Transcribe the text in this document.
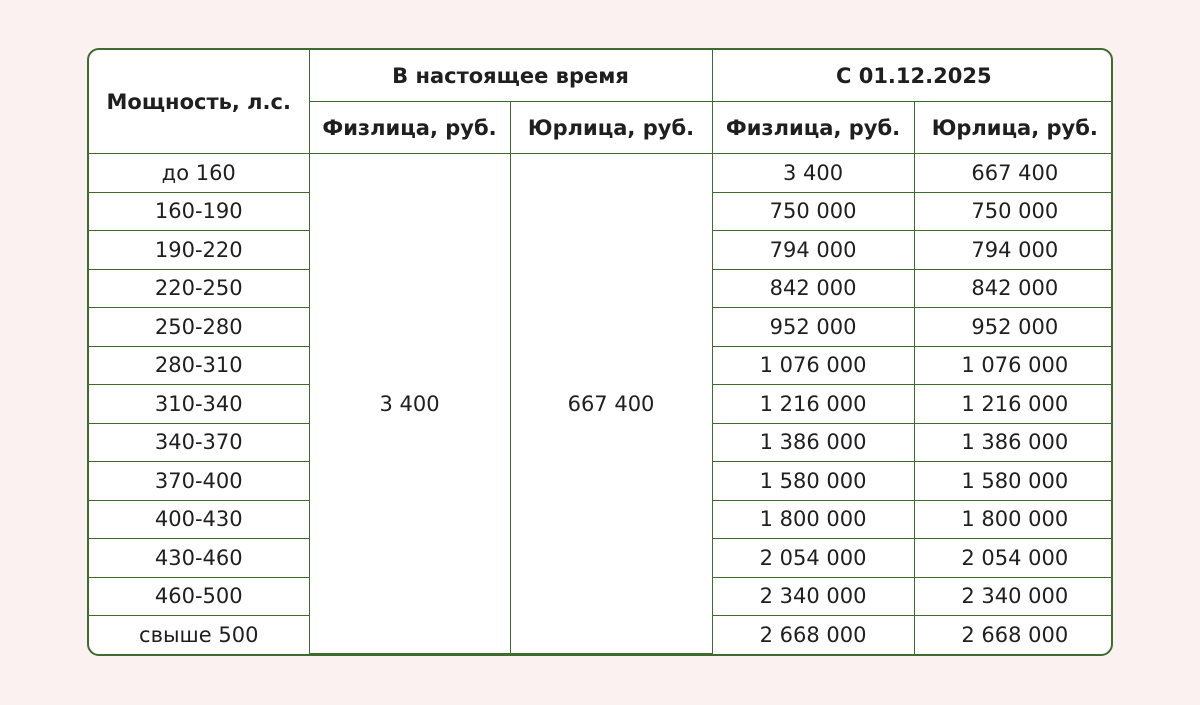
Мощность, л.с.	В настоящее время		С 01.12.2025	
	Физлица, руб.	Юрлица, руб.	Физлица, руб.	Юрлица, руб.
до 160	3 400	667 400	3 400	667 400
160-190			750 000	750 000
190-220			794 000	794 000
220-250			842 000	842 000
250-280			952 000	952 000
280-310			1 076 000	1 076 000
310-340			1 216 000	1 216 000
340-370			1 386 000	1 386 000
370-400			1 580 000	1 580 000
400-430			1 800 000	1 800 000
430-460			2 054 000	2 054 000
460-500			2 340 000	2 340 000
свыше 500			2 668 000	2 668 000
